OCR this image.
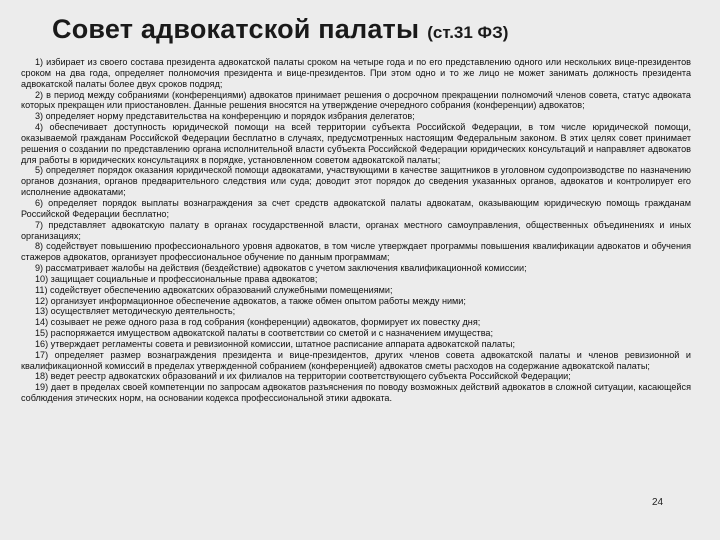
Совет адвокатской палаты (ст.31 ФЗ)

1) избирает из своего состава президента адвокатской палаты сроком на четыре года и по его представлению одного или нескольких вице-президентов сроком на два года, определяет полномочия президента и вице-президентов. При этом одно и то же лицо не может занимать должность президента адвокатской палаты более двух сроков подряд;

2) в период между собраниями (конференциями) адвокатов принимает решения о досрочном прекращении полномочий членов совета, статус адвоката которых прекращен или приостановлен. Данные решения вносятся на утверждение очередного собрания (конференции) адвокатов;

3) определяет норму представительства на конференцию и порядок избрания делегатов;

4) обеспечивает доступность юридической помощи на всей территории субъекта Российской Федерации, в том числе юридической помощи, оказываемой гражданам Российской Федерации бесплатно в случаях, предусмотренных настоящим Федеральным законом. В этих целях совет принимает решения о создании по представлению органа исполнительной власти субъекта Российской Федерации юридических консультаций и направляет адвокатов для работы в юридических консультациях в порядке, установленном советом адвокатской палаты;

5) определяет порядок оказания юридической помощи адвокатами, участвующими в качестве защитников в уголовном судопроизводстве по назначению органов дознания, органов предварительного следствия или суда; доводит этот порядок до сведения указанных органов, адвокатов и контролирует его исполнение адвокатами;

6) определяет порядок выплаты вознаграждения за счет средств адвокатской палаты адвокатам, оказывающим юридическую помощь гражданам Российской Федерации бесплатно;

7) представляет адвокатскую палату в органах государственной власти, органах местного самоуправления, общественных объединениях и иных организациях;

8) содействует повышению профессионального уровня адвокатов, в том числе утверждает программы повышения квалификации адвокатов и обучения стажеров адвокатов, организует профессиональное обучение по данным программам;

9) рассматривает жалобы на действия (бездействие) адвокатов с учетом заключения квалификационной комиссии;

10) защищает социальные и профессиональные права адвокатов;

11) содействует обеспечению адвокатских образований служебными помещениями;

12) организует информационное обеспечение адвокатов, а также обмен опытом работы между ними;

13) осуществляет методическую деятельность;

14) созывает не реже одного раза в год собрания (конференции) адвокатов, формирует их повестку дня;

15) распоряжается имуществом адвокатской палаты в соответствии со сметой и с назначением имущества;

16) утверждает регламенты совета и ревизионной комиссии, штатное расписание аппарата адвокатской палаты;

17) определяет размер вознаграждения президента и вице-президентов, других членов совета адвокатской палаты и членов ревизионной и квалификационной комиссий в пределах утвержденной собранием (конференцией) адвокатов сметы расходов на содержание адвокатской палаты;

18) ведет реестр адвокатских образований и их филиалов на территории соответствующего субъекта Российской Федерации;

19) дает в пределах своей компетенции по запросам адвокатов разъяснения по поводу возможных действий адвокатов в сложной ситуации, касающейся соблюдения этических норм, на основании кодекса профессиональной этики адвоката.

24
